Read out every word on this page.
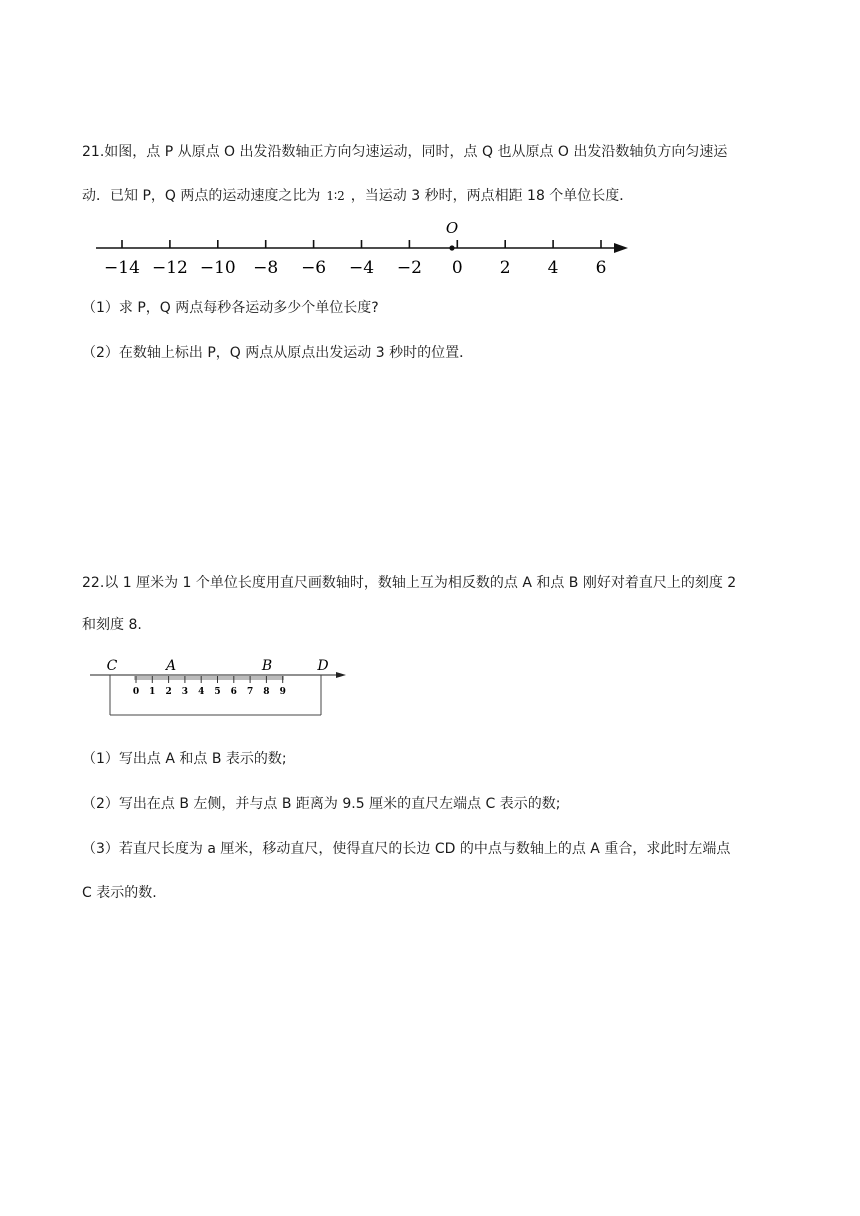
21.如图，点 P 从原点 O 出发沿数轴正方向匀速运动，同时，点 Q 也从原点 O 出发沿数轴负方向匀速运
动．已知 P，Q 两点的运动速度之比为 1∶2 ，当运动 3 秒时，两点相距 18 个单位长度．
O
−14 −12 −10 −8 −6 −4 −2 0 2 4 6
（1）求 P，Q 两点每秒各运动多少个单位长度?
（2）在数轴上标出 P，Q 两点从原点出发运动 3 秒时的位置．
22.以 1 厘米为 1 个单位长度用直尺画数轴时，数轴上互为相反数的点 A 和点 B 刚好对着直尺上的刻度 2
和刻度 8.
C	A	B	D
0 1 2 3 4 5 6 7 8 9
（1）写出点 A 和点 B 表示的数;
（2）写出在点 B 左侧，并与点 B 距离为 9.5 厘米的直尺左端点 C 表示的数;
（3）若直尺长度为 a 厘米，移动直尺，使得直尺的长边 CD 的中点与数轴上的点 A 重合，求此时左端点
C 表示的数.
